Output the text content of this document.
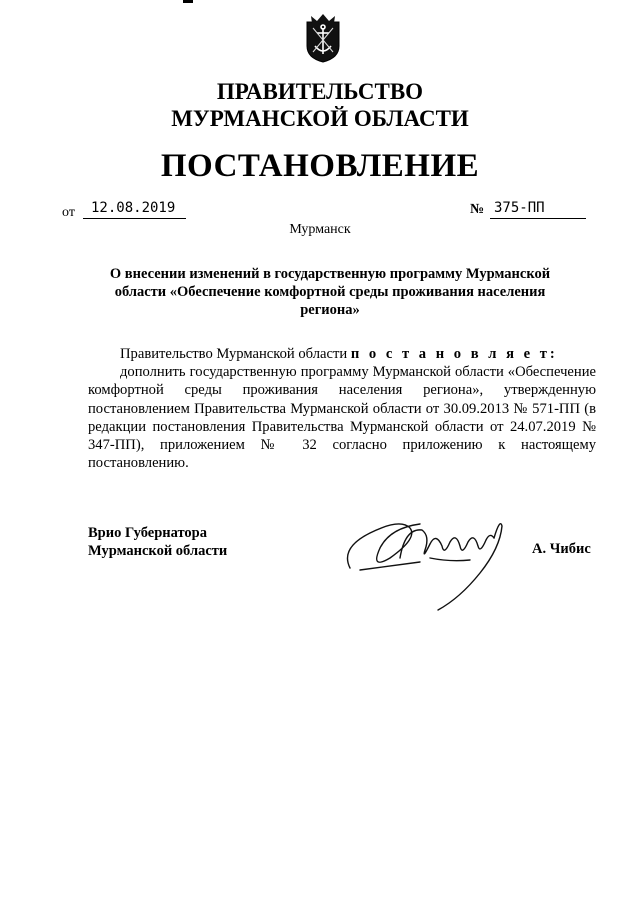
ПРАВИТЕЛЬСТВО
МУРМАНСКОЙ ОБЛАСТИ
ПОСТАНОВЛЕНИЕ
от	12.08.2019	№ 375-ПП
Мурманск
О внесении изменений в государственную программу Мурманской области «Обеспечение комфортной среды проживания населения региона»

Правительство Мурманской области п о с т а н о в л я е т:

дополнить государственную программу Мурманской области «Обеспечение комфортной среды проживания населения региона», утвержденную постановлением Правительства Мурманской области от 30.09.2013 № 571-ПП (в редакции постановления Правительства Мурманской области от 24.07.2019 № 347-ПП), приложением № 32 согласно приложению к настоящему постановлению.

Врио Губернатора
Мурманской области	А. Чибис
